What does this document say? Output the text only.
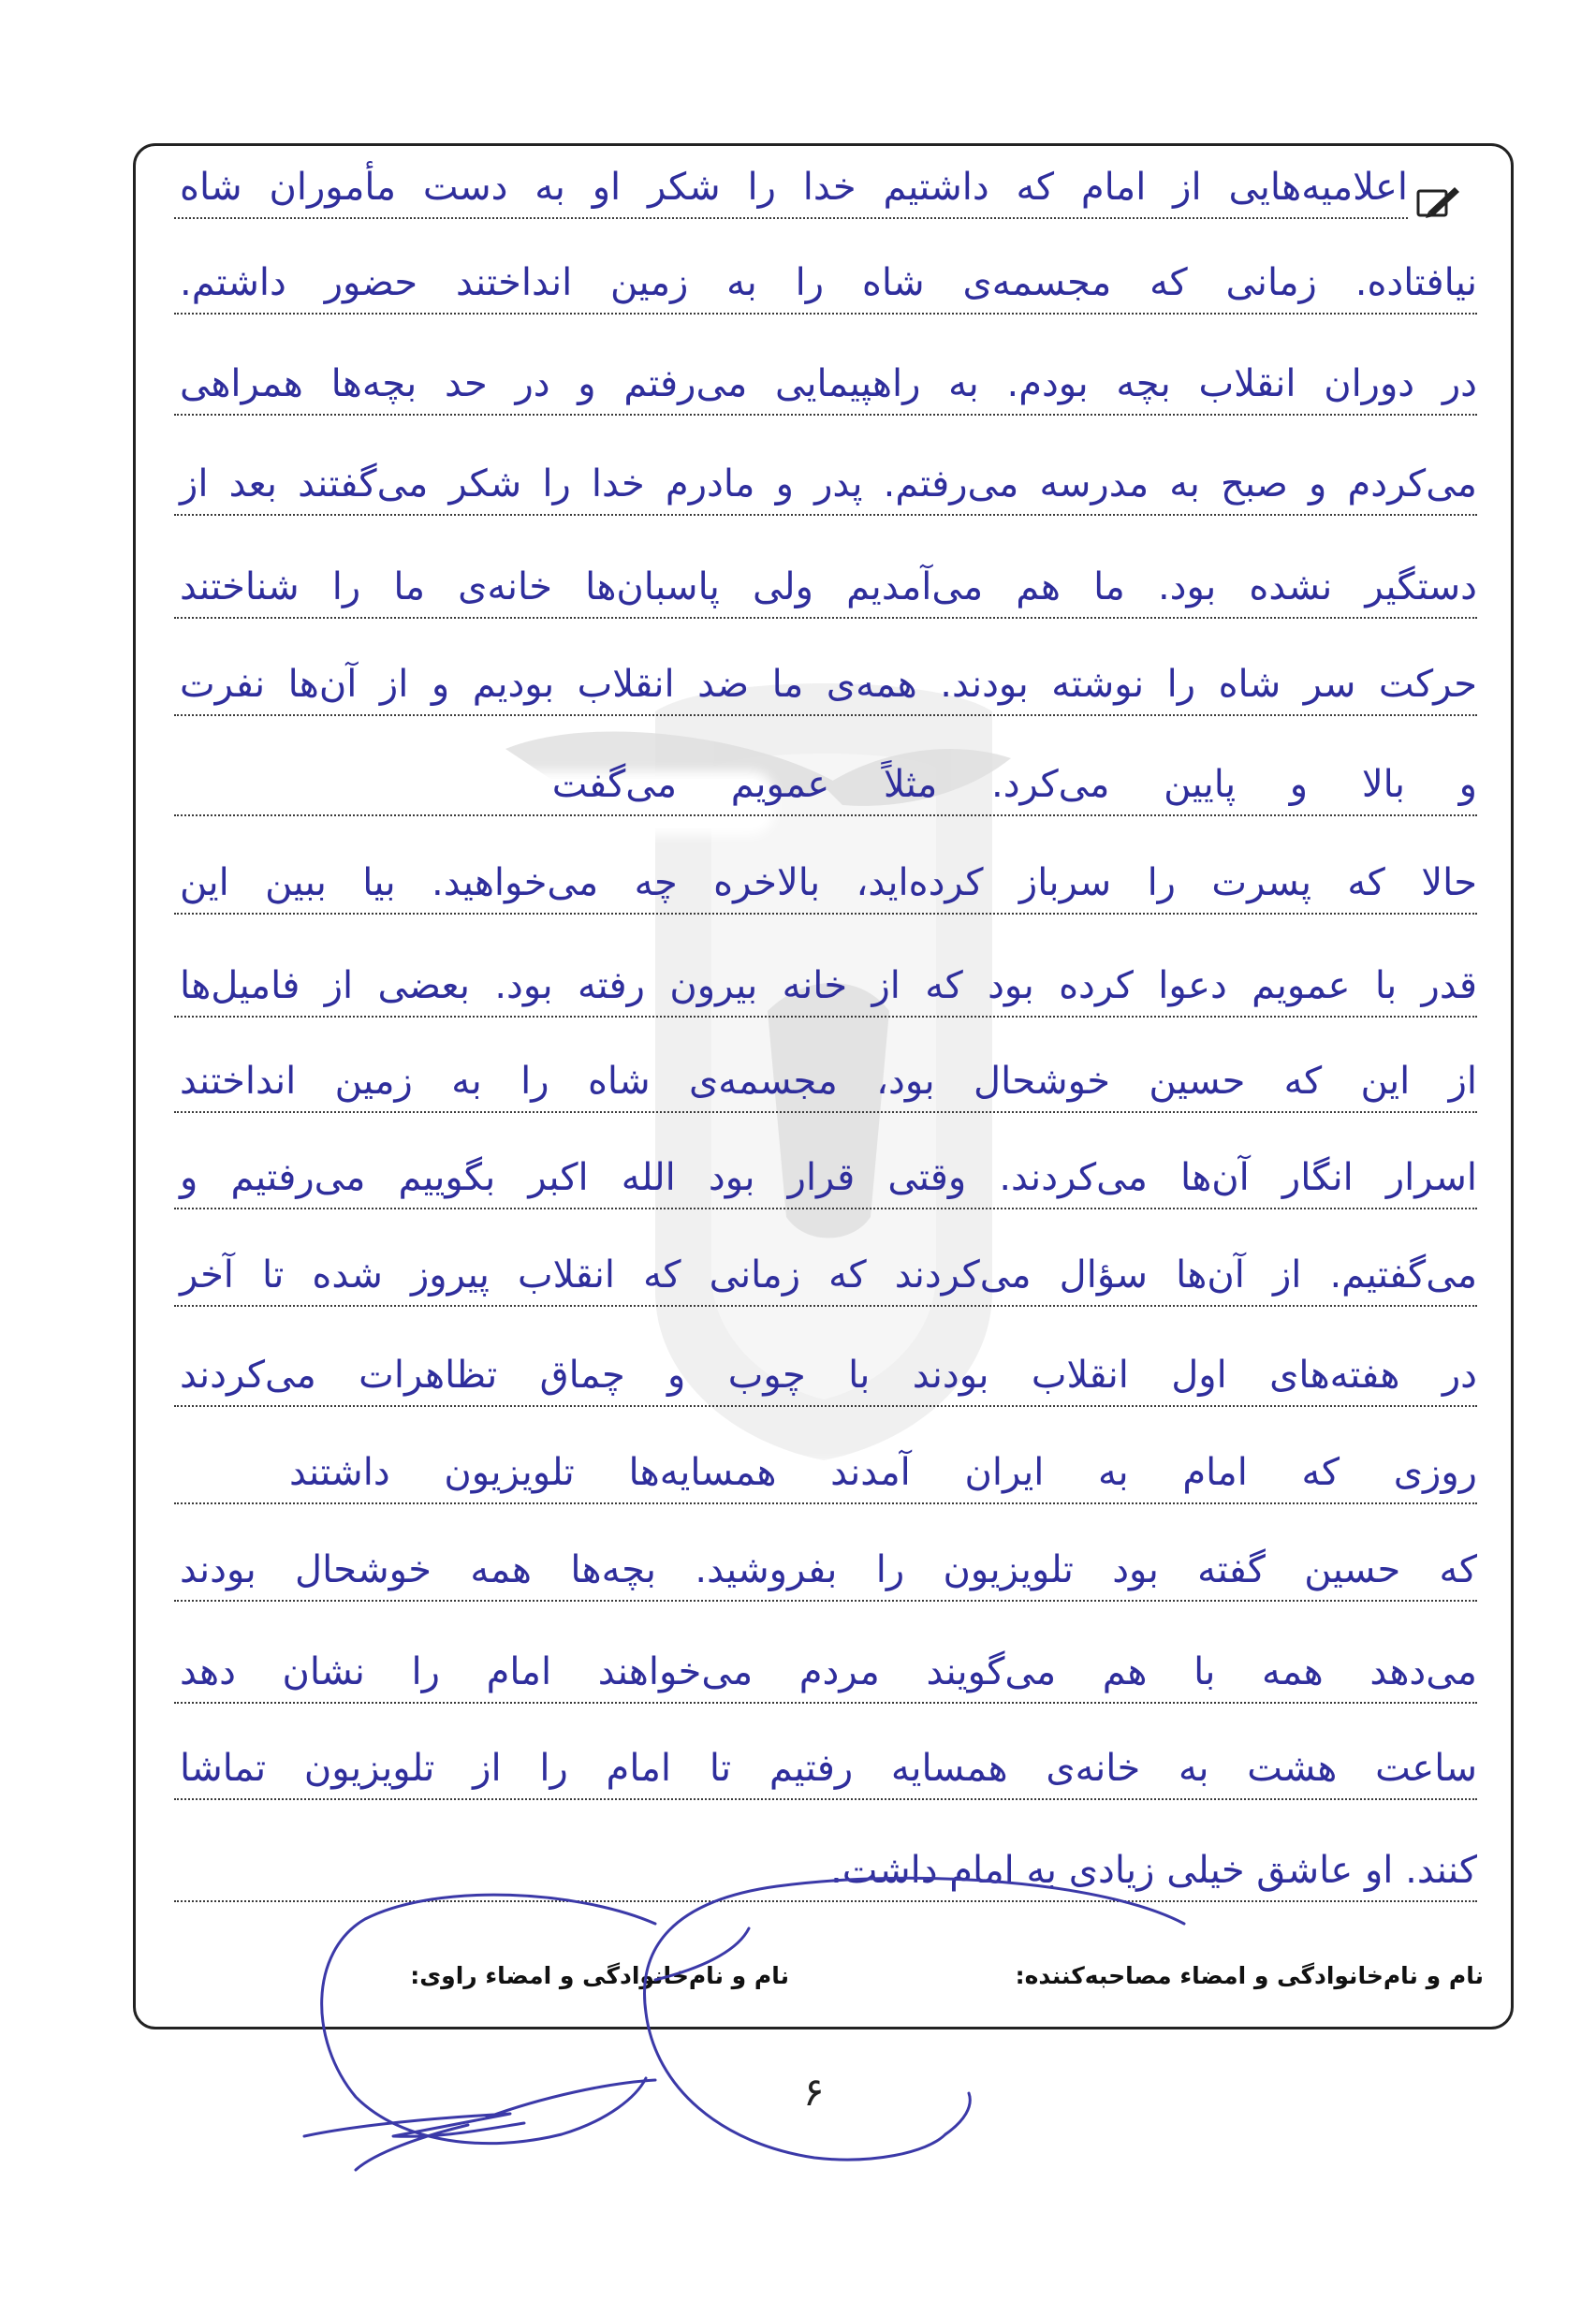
اعلامیه‌هایی از امام که داشتیم خدا را شکر او به دست مأموران شاه
نیافتاده. زمانی که مجسمه‌ی شاه را به زمین انداختند حضور داشتم.
در دوران انقلاب بچه بودم. به راهپیمایی می‌رفتم و در حد بچه‌ها همراهی
می‌کردم و صبح به مدرسه می‌رفتم. پدر و مادرم خدا را شکر می‌گفتند بعد از
دستگیر نشده بود. ما هم می‌آمدیم ولی پاسبان‌ها خانه‌ی ما را شناختند
حرکت سر شاه را نوشته بودند. همه‌ی ما ضد انقلاب بودیم و از آن‌ها نفرت
و بالا و پایین می‌کرد. مثلاً عمویم می‌گفت
حالا که پسرت را سرباز کرده‌اید، بالاخره چه می‌خواهید. بیا ببین این
قدر با عمویم دعوا کرده بود که از خانه بیرون رفته بود. بعضی از فامیل‌ها
از این که حسین خوشحال بود، مجسمه‌ی شاه را به زمین انداختند
اسرار انگار آن‌ها می‌کردند. وقتی قرار بود الله اکبر بگوییم می‌رفتیم و
می‌گفتیم. از آن‌ها سؤال می‌کردند که زمانی که انقلاب پیروز شده تا آخر
در هفته‌های اول انقلاب بودند با چوب و چماق تظاهرات می‌کردند
روزی که امام به ایران آمدند همسایه‌ها تلویزیون داشتند
که حسین گفته بود تلویزیون را بفروشید. بچه‌ها همه خوشحال بودند
می‌دهد همه با هم می‌گویند مردم می‌خواهند امام را نشان دهد
ساعت هشت به خانه‌ی همسایه رفتیم تا امام را از تلویزیون تماشا
کنند. او عاشق خیلی زیادی به امام داشت.
نام و نام‌خانوادگی و امضاء مصاحبه‌کننده:
نام و نام‌خانوادگی و امضاء راوی:
۶
